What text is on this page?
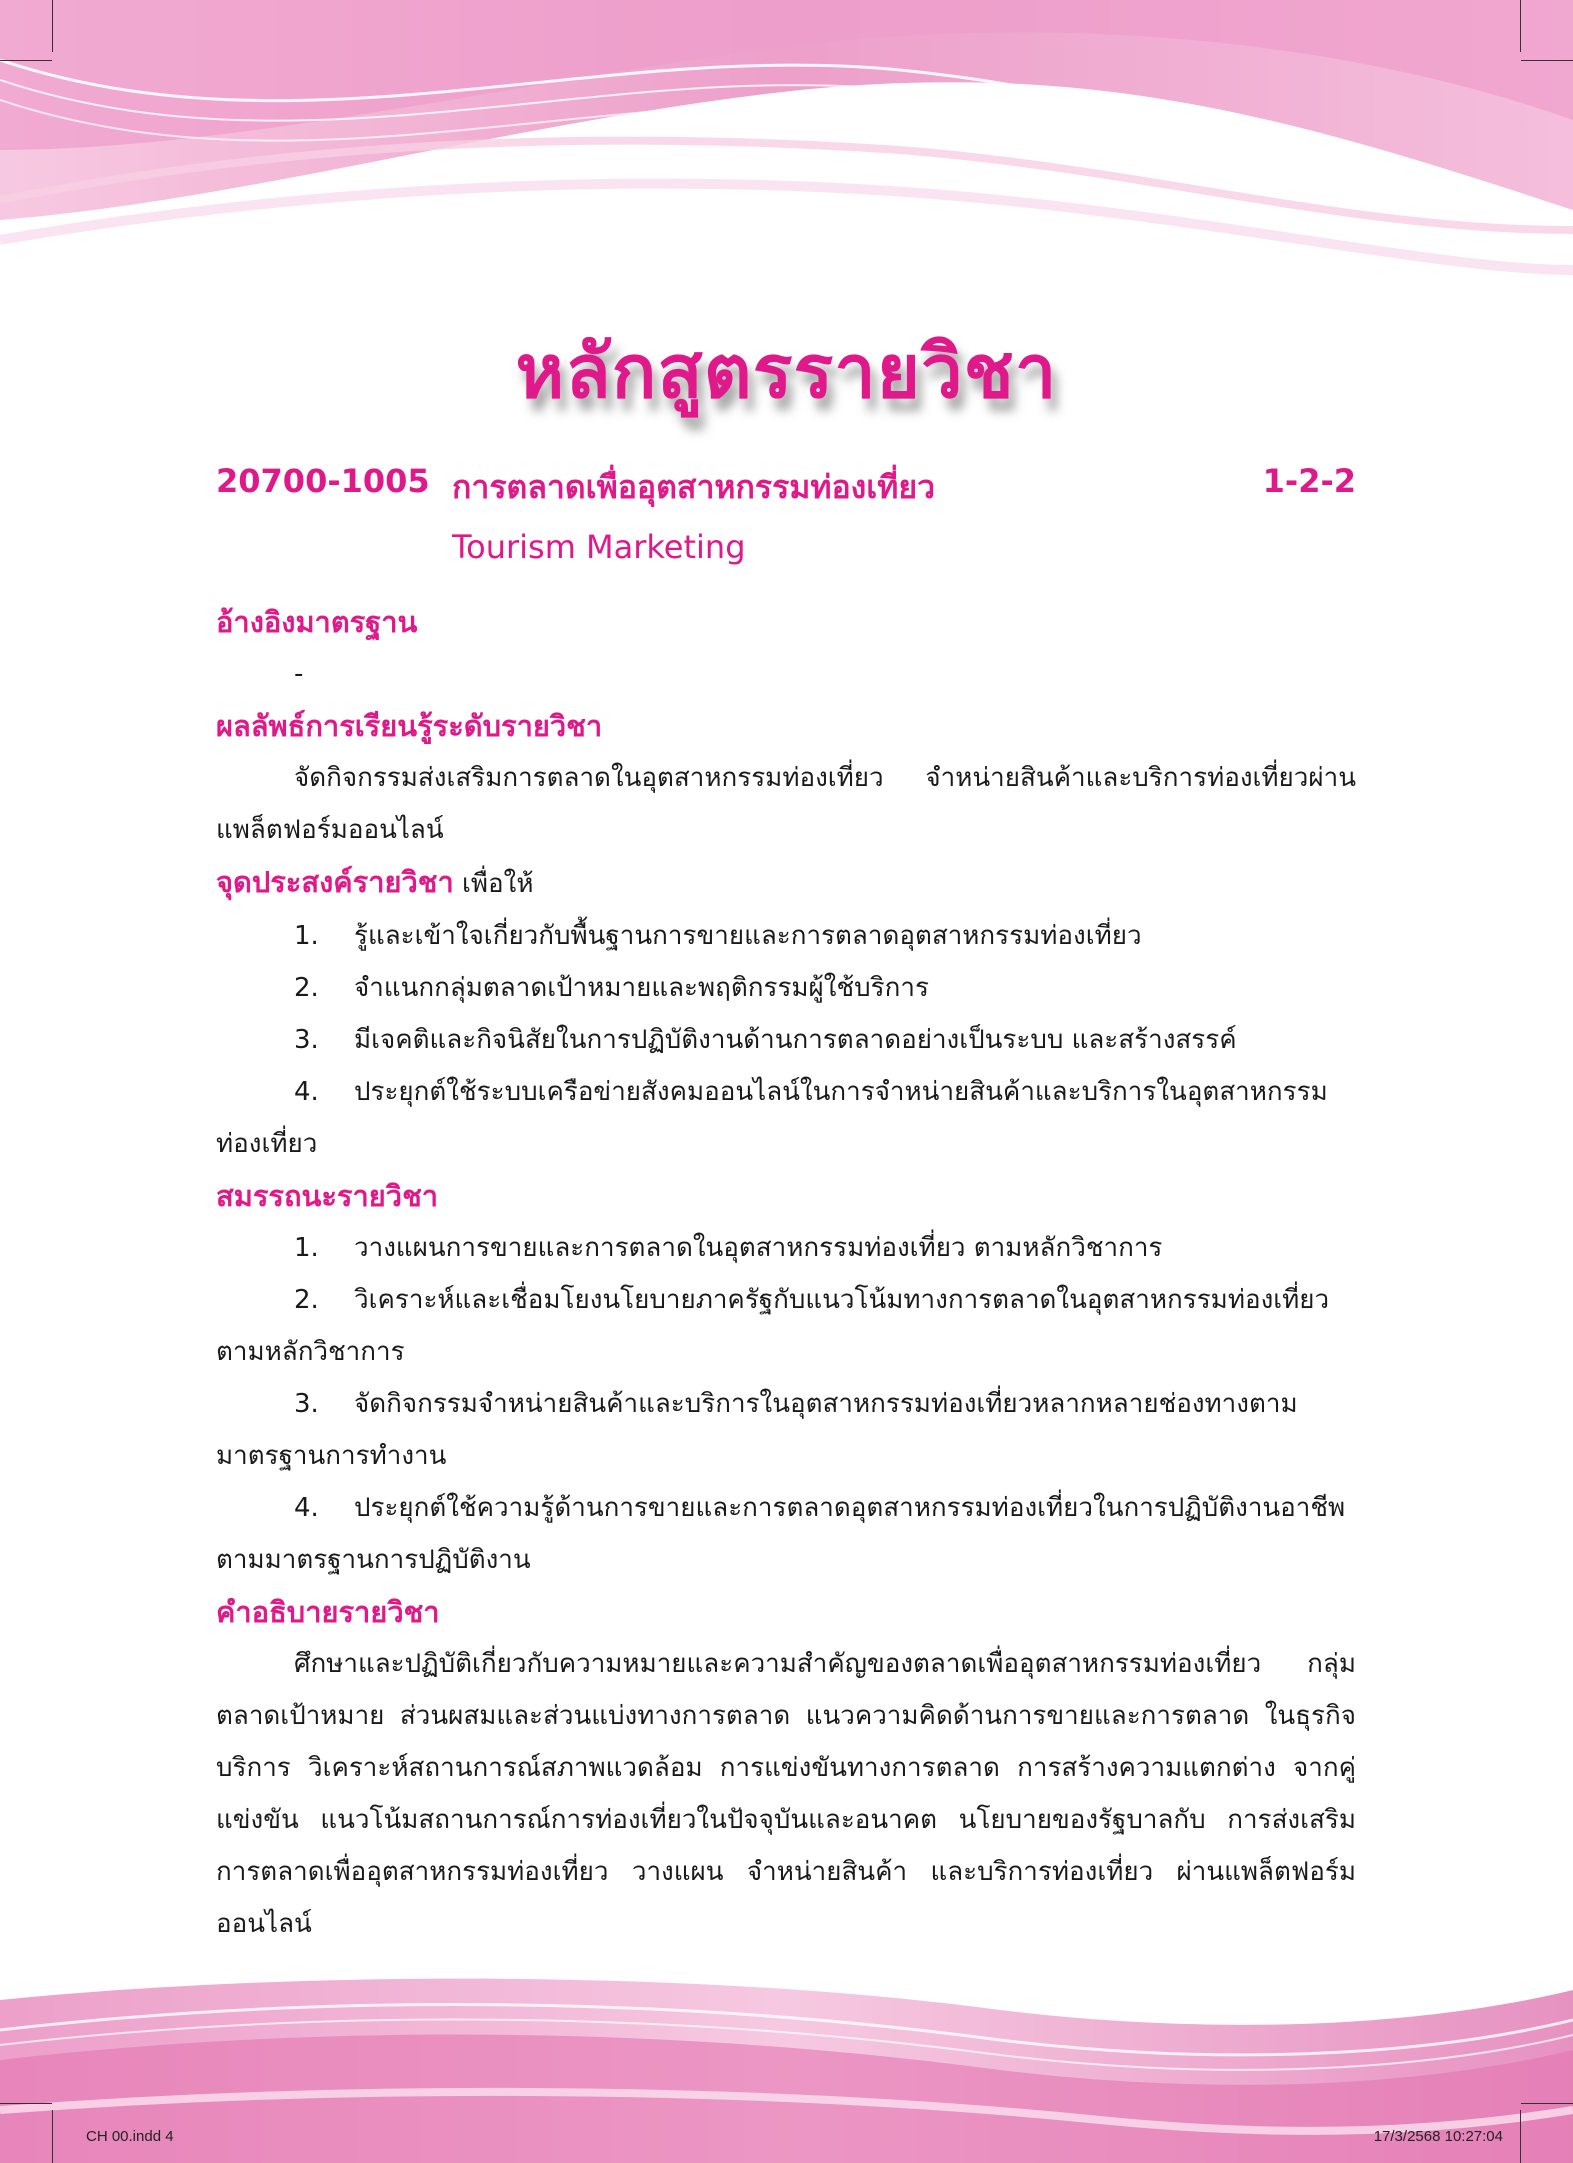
หลักสูตรรายวิชา
20700-1005 การตลาดเพื่ออุตสาหกรรมท่องเที่ยว	1-2-2
Tourism Marketing
อ้างอิงมาตรฐาน
-
ผลลัพธ์การเรียนรู้ระดับรายวิชา

จัดกิจกรรมส่งเสริมการตลาดในอุตสาหกรรมท่องเที่ยว จำหน่ายสินค้าและบริการท่องเที่ยวผ่านแพล็ตฟอร์มออนไลน์

จุดประสงค์รายวิชา เพื่อให้

1. รู้และเข้าใจเกี่ยวกับพื้นฐานการขายและการตลาดอุตสาหกรรมท่องเที่ยว

2. จำแนกกลุ่มตลาดเป้าหมายและพฤติกรรมผู้ใช้บริการ

3. มีเจคติและกิจนิสัยในการปฏิบัติงานด้านการตลาดอย่างเป็นระบบ และสร้างสรรค์

4. ประยุกต์ใช้ระบบเครือข่ายสังคมออนไลน์ในการจำหน่ายสินค้าและบริการในอุตสาหกรรมท่องเที่ยว

สมรรถนะรายวิชา

1. วางแผนการขายและการตลาดในอุตสาหกรรมท่องเที่ยว ตามหลักวิชาการ

2. วิเคราะห์และเชื่อมโยงนโยบายภาครัฐกับแนวโน้มทางการตลาดในอุตสาหกรรมท่องเที่ยวตามหลักวิชาการ

3. จัดกิจกรรมจำหน่ายสินค้าและบริการในอุตสาหกรรมท่องเที่ยวหลากหลายช่องทางตามมาตรฐานการทำงาน

4. ประยุกต์ใช้ความรู้ด้านการขายและการตลาดอุตสาหกรรมท่องเที่ยวในการปฏิบัติงานอาชีพ ตามมาตรฐานการปฏิบัติงาน

คำอธิบายรายวิชา

ศึกษาและปฏิบัติเกี่ยวกับความหมายและความสำคัญของตลาดเพื่ออุตสาหกรรมท่องเที่ยว กลุ่มตลาดเป้าหมาย ส่วนผสมและส่วนแบ่งทางการตลาด แนวความคิดด้านการขายและการตลาด ในธุรกิจบริการ วิเคราะห์สถานการณ์สภาพแวดล้อม การแข่งขันทางการตลาด การสร้างความแตกต่าง จากคู่แข่งขัน แนวโน้มสถานการณ์การท่องเที่ยวในปัจจุบันและอนาคต นโยบายของรัฐบาลกับ การส่งเสริมการตลาดเพื่ออุตสาหกรรมท่องเที่ยว วางแผน จำหน่ายสินค้า และบริการท่องเที่ยว ผ่านแพล็ตฟอร์มออนไลน์

CH 00.indd 4	17/3/2568 10:27:04
